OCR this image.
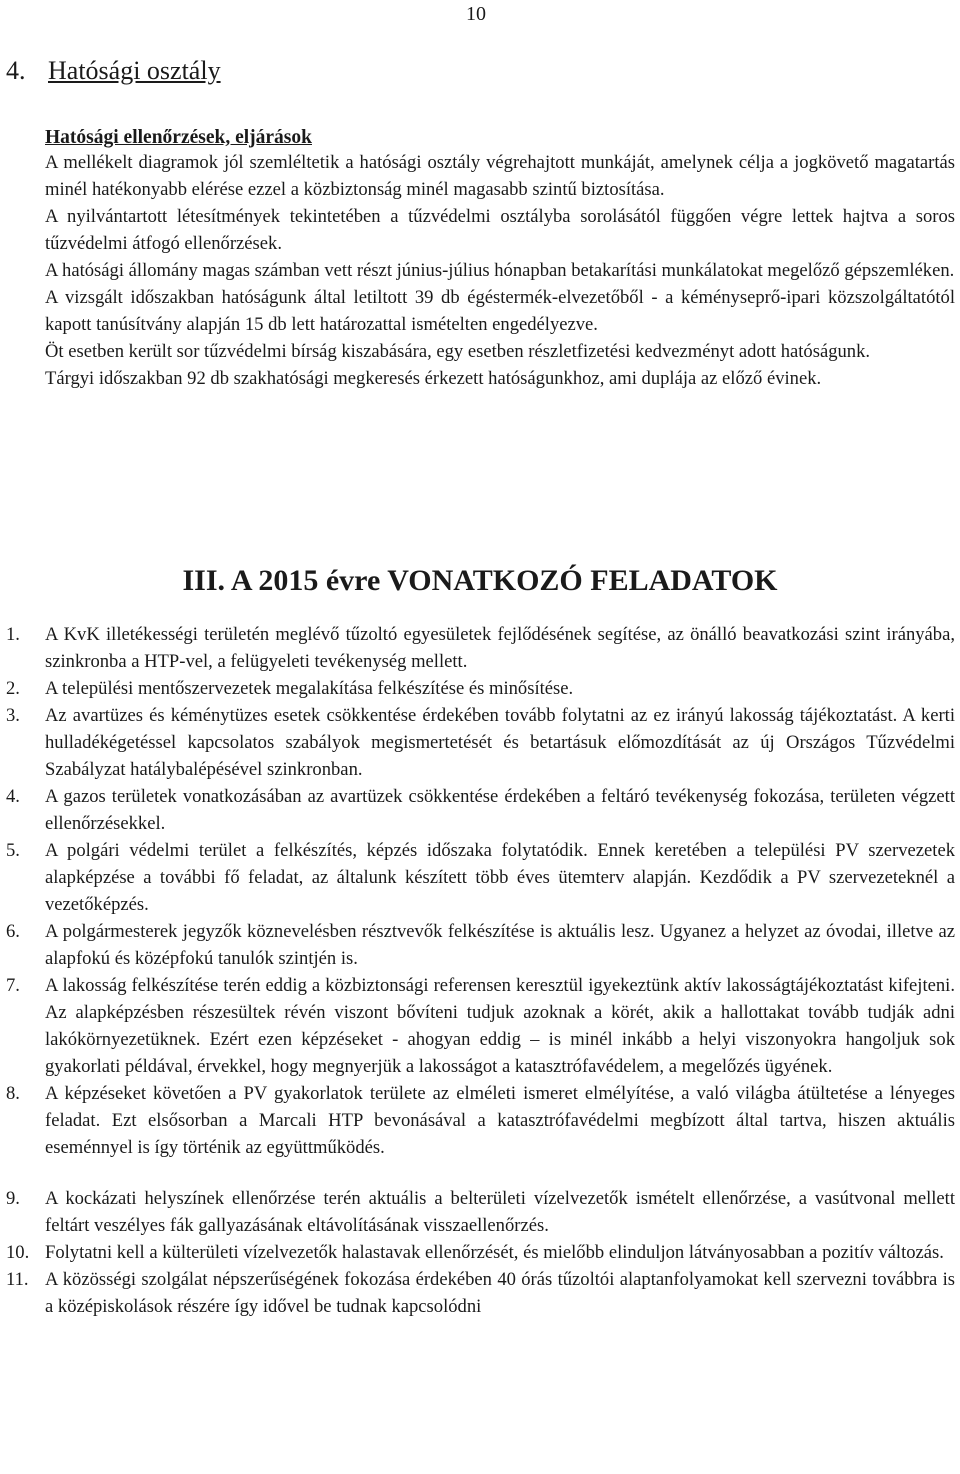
10
4. Hatósági osztály
Hatósági ellenőrzések, eljárások

A mellékelt diagramok jól szemléltetik a hatósági osztály végrehajtott munkáját, amelynek célja a jogkövető magatartás minél hatékonyabb elérése ezzel a közbiztonság minél magasabb szintű biztosítása.

A nyilvántartott létesítmények tekintetében a tűzvédelmi osztályba sorolásától függően végre lettek hajtva a soros tűzvédelmi átfogó ellenőrzések.

A hatósági állomány magas számban vett részt június-július hónapban betakarítási munkálatokat megelőző gépszemléken.

A vizsgált időszakban hatóságunk által letiltott 39 db égéstermék-elvezetőből - a kéményseprő-ipari közszolgáltatótól kapott tanúsítvány alapján 15 db lett határozattal ismételten engedélyezve.

Öt esetben került sor tűzvédelmi bírság kiszabására, egy esetben részletfizetési kedvezményt adott hatóságunk.

Tárgyi időszakban 92 db szakhatósági megkeresés érkezett hatóságunkhoz, ami duplája az előző évinek.

III. A 2015 évre VONATKOZÓ FELADATOK
1. A KvK illetékességi területén meglévő tűzoltó egyesületek fejlődésének segítése, az önálló beavatkozási szint irányába, szinkronba a HTP-vel, a felügyeleti tevékenység mellett.
2. A települési mentőszervezetek megalakítása felkészítése és minősítése.
3. Az avartüzes és kéménytüzes esetek csökkentése érdekében tovább folytatni az ez irányú lakosság tájékoztatást. A kerti hulladékégetéssel kapcsolatos szabályok megismertetését és betartásuk előmozdítását az új Országos Tűzvédelmi Szabályzat hatálybalépésével szinkronban.
4. A gazos területek vonatkozásában az avartüzek csökkentése érdekében a feltáró tevékenység fokozása, területen végzett ellenőrzésekkel.
5. A polgári védelmi terület a felkészítés, képzés időszaka folytatódik. Ennek keretében a települési PV szervezetek alapképzése a további fő feladat, az általunk készített több éves ütemterv alapján. Kezdődik a PV szervezeteknél a vezetőképzés.
6. A polgármesterek jegyzők köznevelésben résztvevők felkészítése is aktuális lesz. Ugyanez a helyzet az óvodai, illetve az alapfokú és középfokú tanulók szintjén is.
7. A lakosság felkészítése terén eddig a közbiztonsági referensen keresztül igyekeztünk aktív lakosságtájékoztatást kifejteni. Az alapképzésben részesültek révén viszont bővíteni tudjuk azoknak a körét, akik a hallottakat tovább tudják adni lakókörnyezetüknek. Ezért ezen képzéseket - ahogyan eddig – is minél inkább a helyi viszonyokra hangoljuk sok gyakorlati példával, érvekkel, hogy megnyerjük a lakosságot a katasztrófavédelem, a megelőzés ügyének.
8. A képzéseket követően a PV gyakorlatok területe az elméleti ismeret elmélyítése, a való világba átültetése a lényeges feladat. Ezt elsősorban a Marcali HTP bevonásával a katasztrófavédelmi megbízott által tartva, hiszen aktuális eseménnyel is így történik az együttműködés.
9. A kockázati helyszínek ellenőrzése terén aktuális a belterületi vízelvezetők ismételt ellenőrzése, a vasútvonal mellett feltárt veszélyes fák gallyazásának eltávolításának visszaellenőrzés.
10. Folytatni kell a külterületi vízelvezetők halastavak ellenőrzését, és mielőbb elinduljon látványosabban a pozitív változás.
11. A közösségi szolgálat népszerűségének fokozása érdekében 40 órás tűzoltói alaptanfolyamokat kell szervezni továbbra is a középiskolások részére így idővel be tudnak kapcsolódni
